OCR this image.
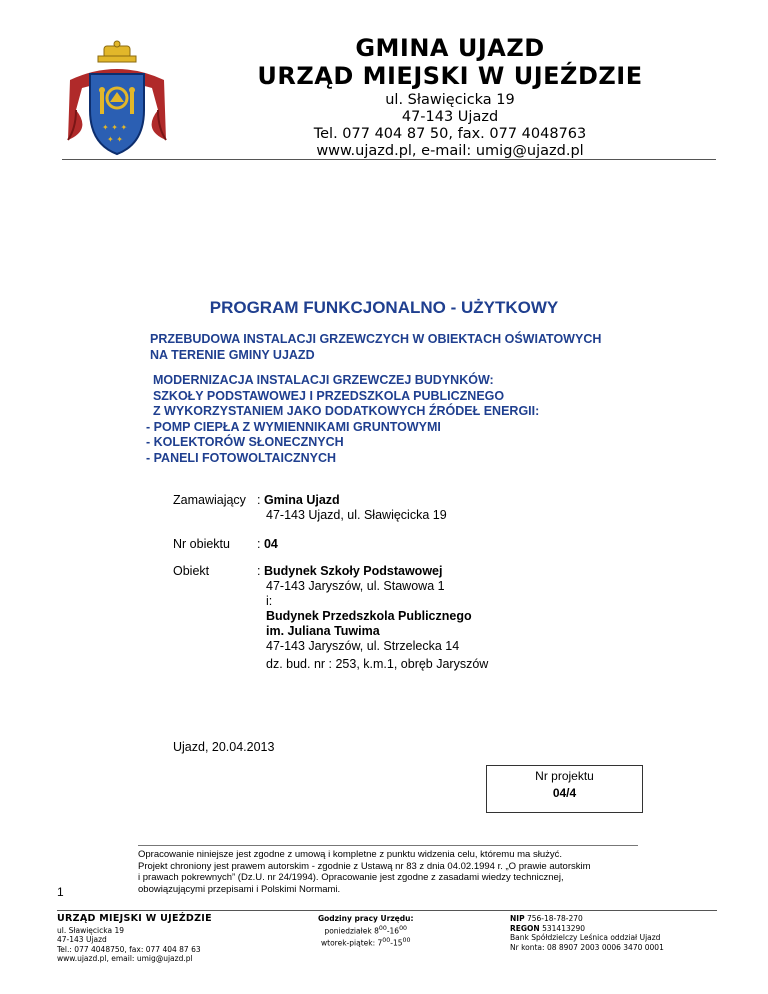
✦ ✦ ✦
✦ ✦
GMINA UJAZD
URZĄD MIEJSKI W UJEŹDZIE
ul. Sławięcicka 19
47-143 Ujazd
Tel. 077 404 87 50, fax. 077 4048763
www.ujazd.pl, e-mail: umig@ujazd.pl
PROGRAM FUNKCJONALNO - UŻYTKOWY
PRZEBUDOWA INSTALACJI GRZEWCZYCH W OBIEKTACH OŚWIATOWYCH
NA TERENIE GMINY UJAZD
MODERNIZACJA INSTALACJI GRZEWCZEJ BUDYNKÓW:
SZKOŁY PODSTAWOWEJ I PRZEDSZKOLA PUBLICZNEGO
Z WYKORZYSTANIEM JAKO DODATKOWYCH ŹRÓDEŁ ENERGII:
- POMP CIEPŁA Z WYMIENNIKAMI GRUNTOWYMI
- KOLEKTORÓW SŁONECZNYCH
- PANELI FOTOWOLTAICZNYCH
Zamawiający : Gmina Ujazd
47-143 Ujazd, ul. Sławięcicka 19
Nr obiektu : 04
Obiekt	: Budynek Szkoły Podstawowej
47-143 Jaryszów, ul. Stawowa 1
i:
Budynek Przedszkola Publicznego
im. Juliana Tuwima
47-143 Jaryszów, ul. Strzelecka 14
dz. bud. nr : 253, k.m.1, obręb Jaryszów
Ujazd, 20.04.2013
Nr projektu
04/4
Opracowanie niniejsze jest zgodne z umową i kompletne z punktu widzenia celu, któremu ma służyć.
Projekt chroniony jest prawem autorskim - zgodnie z Ustawą nr 83 z dnia 04.02.1994 r. „O prawie autorskim
i prawach pokrewnych” (Dz.U. nr 24/1994). Opracowanie jest zgodne z zasadami wiedzy technicznej,
obowiązującymi przepisami i Polskimi Normami.
1
URZĄD MIEJSKI W UJEŹDZIE
ul. Sławięcicka 19
47-143 Ujazd
Tel.: 077 4048750, fax: 077 404 87 63
www.ujazd.pl, email: umig@ujazd.pl
Godziny pracy Urzędu:
poniedziałek $8^{00}-16^{00}$
wtorek-piątek: $7^{00}-15^{00}$
NIP 756-18-78-270
REGON 531413290
Bank Spółdzielczy Leśnica oddział Ujazd
Nr konta: 08 8907 2003 0006 3470 0001
